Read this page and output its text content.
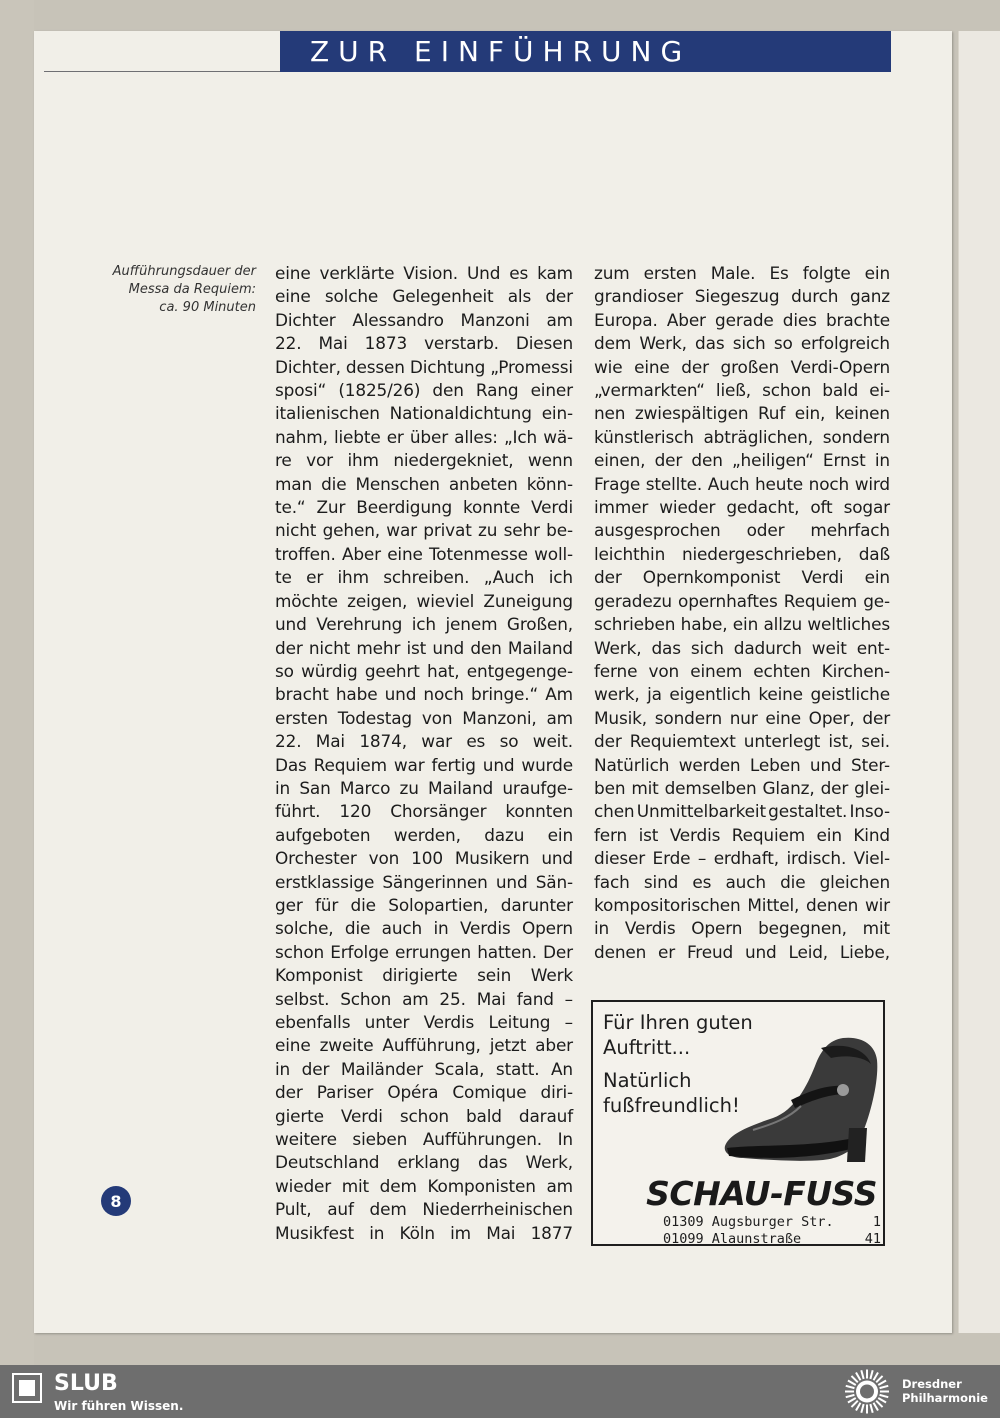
ZUR EINFÜHRUNG
Aufführungsdauer der
Messa da Requiem:
ca. 90 Minuten
eine verklärte Vision. Und es kam
eine solche Gelegenheit als der
Dichter Alessandro Manzoni am
22. Mai 1873 verstarb. Diesen
Dichter, dessen Dichtung „Promessi
sposi“ (1825/26) den Rang einer
italienischen Nationaldichtung ein-
nahm, liebte er über alles: „Ich wä-
re vor ihm niedergekniet, wenn
man die Menschen anbeten könn-
te.“ Zur Beerdigung konnte Verdi
nicht gehen, war privat zu sehr be-
troffen. Aber eine Totenmesse woll-
te er ihm schreiben. „Auch ich
möchte zeigen, wieviel Zuneigung
und Verehrung ich jenem Großen,
der nicht mehr ist und den Mailand
so würdig geehrt hat, entgegenge-
bracht habe und noch bringe.“ Am
ersten Todestag von Manzoni, am
22. Mai 1874, war es so weit.
Das Requiem war fertig und wurde
in San Marco zu Mailand uraufge-
führt. 120 Chorsänger konnten
aufgeboten werden, dazu ein
Orchester von 100 Musikern und
erstklassige Sängerinnen und Sän-
ger für die Solopartien, darunter
solche, die auch in Verdis Opern
schon Erfolge errungen hatten. Der
Komponist dirigierte sein Werk
selbst. Schon am 25. Mai fand –
ebenfalls unter Verdis Leitung –
eine zweite Aufführung, jetzt aber
in der Mailänder Scala, statt. An
der Pariser Opéra Comique diri-
gierte Verdi schon bald darauf
weitere sieben Aufführungen. In
Deutschland erklang das Werk,
wieder mit dem Komponisten am
Pult, auf dem Niederrheinischen
Musikfest in Köln im Mai 1877
zum ersten Male. Es folgte ein
grandioser Siegeszug durch ganz
Europa. Aber gerade dies brachte
dem Werk, das sich so erfolgreich
wie eine der großen Verdi-Opern
„vermarkten“ ließ, schon bald ei-
nen zwiespältigen Ruf ein, keinen
künstlerisch abträglichen, sondern
einen, der den „heiligen“ Ernst in
Frage stellte. Auch heute noch wird
immer wieder gedacht, oft sogar
ausgesprochen oder mehrfach
leichthin niedergeschrieben, daß
der Opernkomponist Verdi ein
geradezu opernhaftes Requiem ge-
schrieben habe, ein allzu weltliches
Werk, das sich dadurch weit ent-
ferne von einem echten Kirchen-
werk, ja eigentlich keine geistliche
Musik, sondern nur eine Oper, der
der Requiemtext unterlegt ist, sei.
Natürlich werden Leben und Ster-
ben mit demselben Glanz, der glei-
chen Unmittelbarkeit gestaltet. Inso-
fern ist Verdis Requiem ein Kind
dieser Erde – erdhaft, irdisch. Viel-
fach sind es auch die gleichen
kompositorischen Mittel, denen wir
in Verdis Opern begegnen, mit
denen er Freud und Leid, Liebe,
8
Für Ihren guten
Auftritt...
Natürlich
fußfreundlich!
SCHAU-FUSS
01309 Augsburger Str.	1
01099 Alaunstraße	41
SLUB
Wir führen Wissen.
Dresdner
Philharmonie
